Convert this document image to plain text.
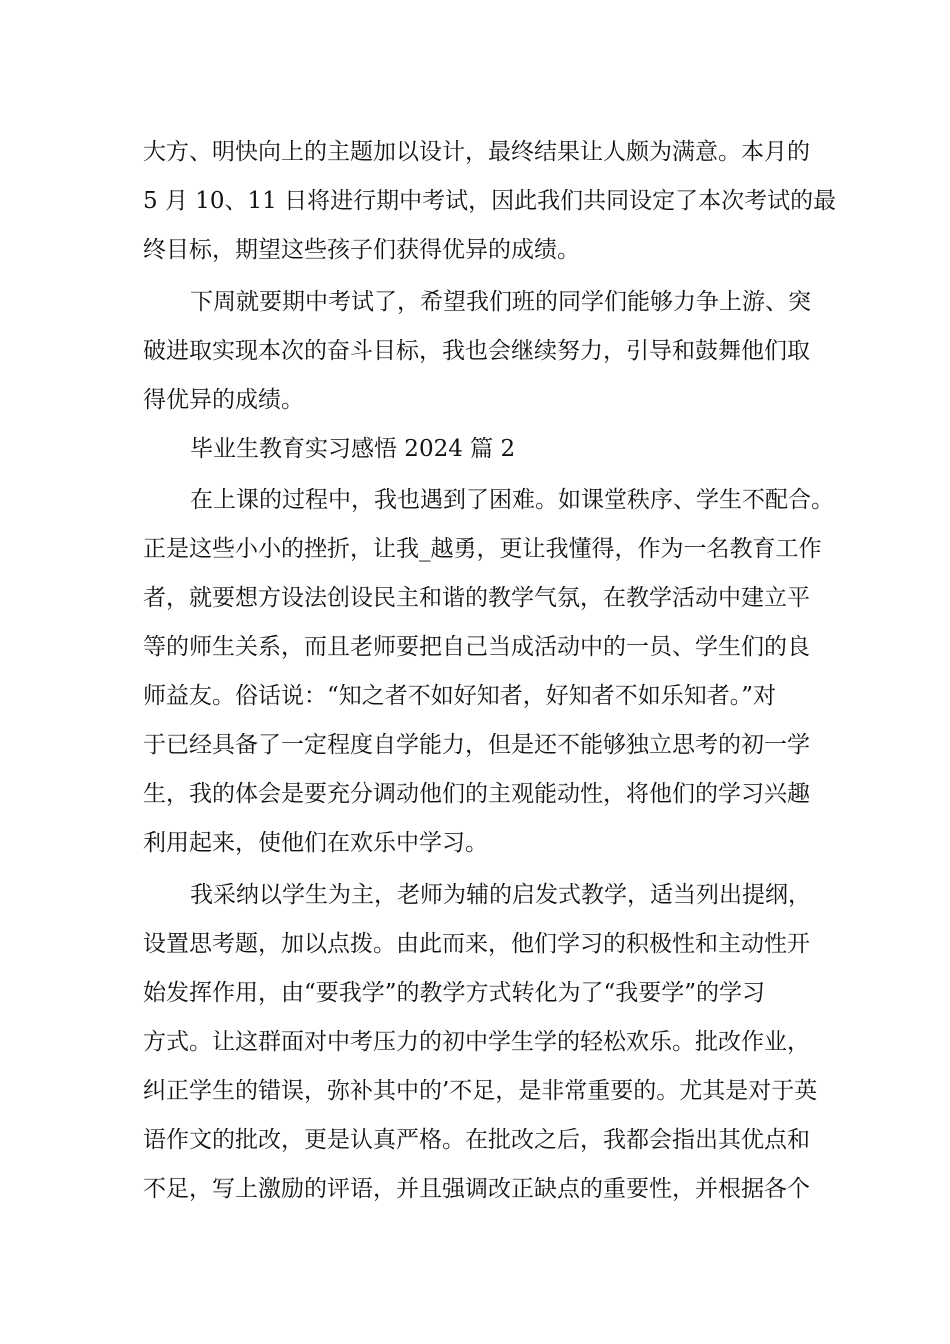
大方、明快向上的主题加以设计，最终结果让人颇为满意。本月的

5 月 10、11 日将进行期中考试，因此我们共同设定了本次考试的最

终目标，期望这些孩子们获得优异的成绩。

下周就要期中考试了，希望我们班的同学们能够力争上游、突

破进取实现本次的奋斗目标，我也会继续努力，引导和鼓舞他们取

得优异的成绩。

毕业生教育实习感悟 2024 篇 2

在上课的过程中，我也遇到了困难。如课堂秩序、学生不配合。

正是这些小小的挫折，让我_越勇，更让我懂得，作为一名教育工作

者，就要想方设法创设民主和谐的教学气氛，在教学活动中建立平

等的师生关系，而且老师要把自己当成活动中的一员、学生们的良

师益友。俗话说：“知之者不如好知者，好知者不如乐知者。”对

于已经具备了一定程度自学能力，但是还不能够独立思考的初一学

生，我的体会是要充分调动他们的主观能动性，将他们的学习兴趣

利用起来，使他们在欢乐中学习。

我采纳以学生为主，老师为辅的启发式教学，适当列出提纲，

设置思考题，加以点拨。由此而来，他们学习的积极性和主动性开

始发挥作用，由“要我学”的教学方式转化为了“我要学”的学习

方式。让这群面对中考压力的初中学生学的轻松欢乐。批改作业，

纠正学生的错误，弥补其中的’不足，是非常重要的。尤其是对于英

语作文的批改，更是认真严格。在批改之后，我都会指出其优点和

不足，写上激励的评语，并且强调改正缺点的重要性，并根据各个
